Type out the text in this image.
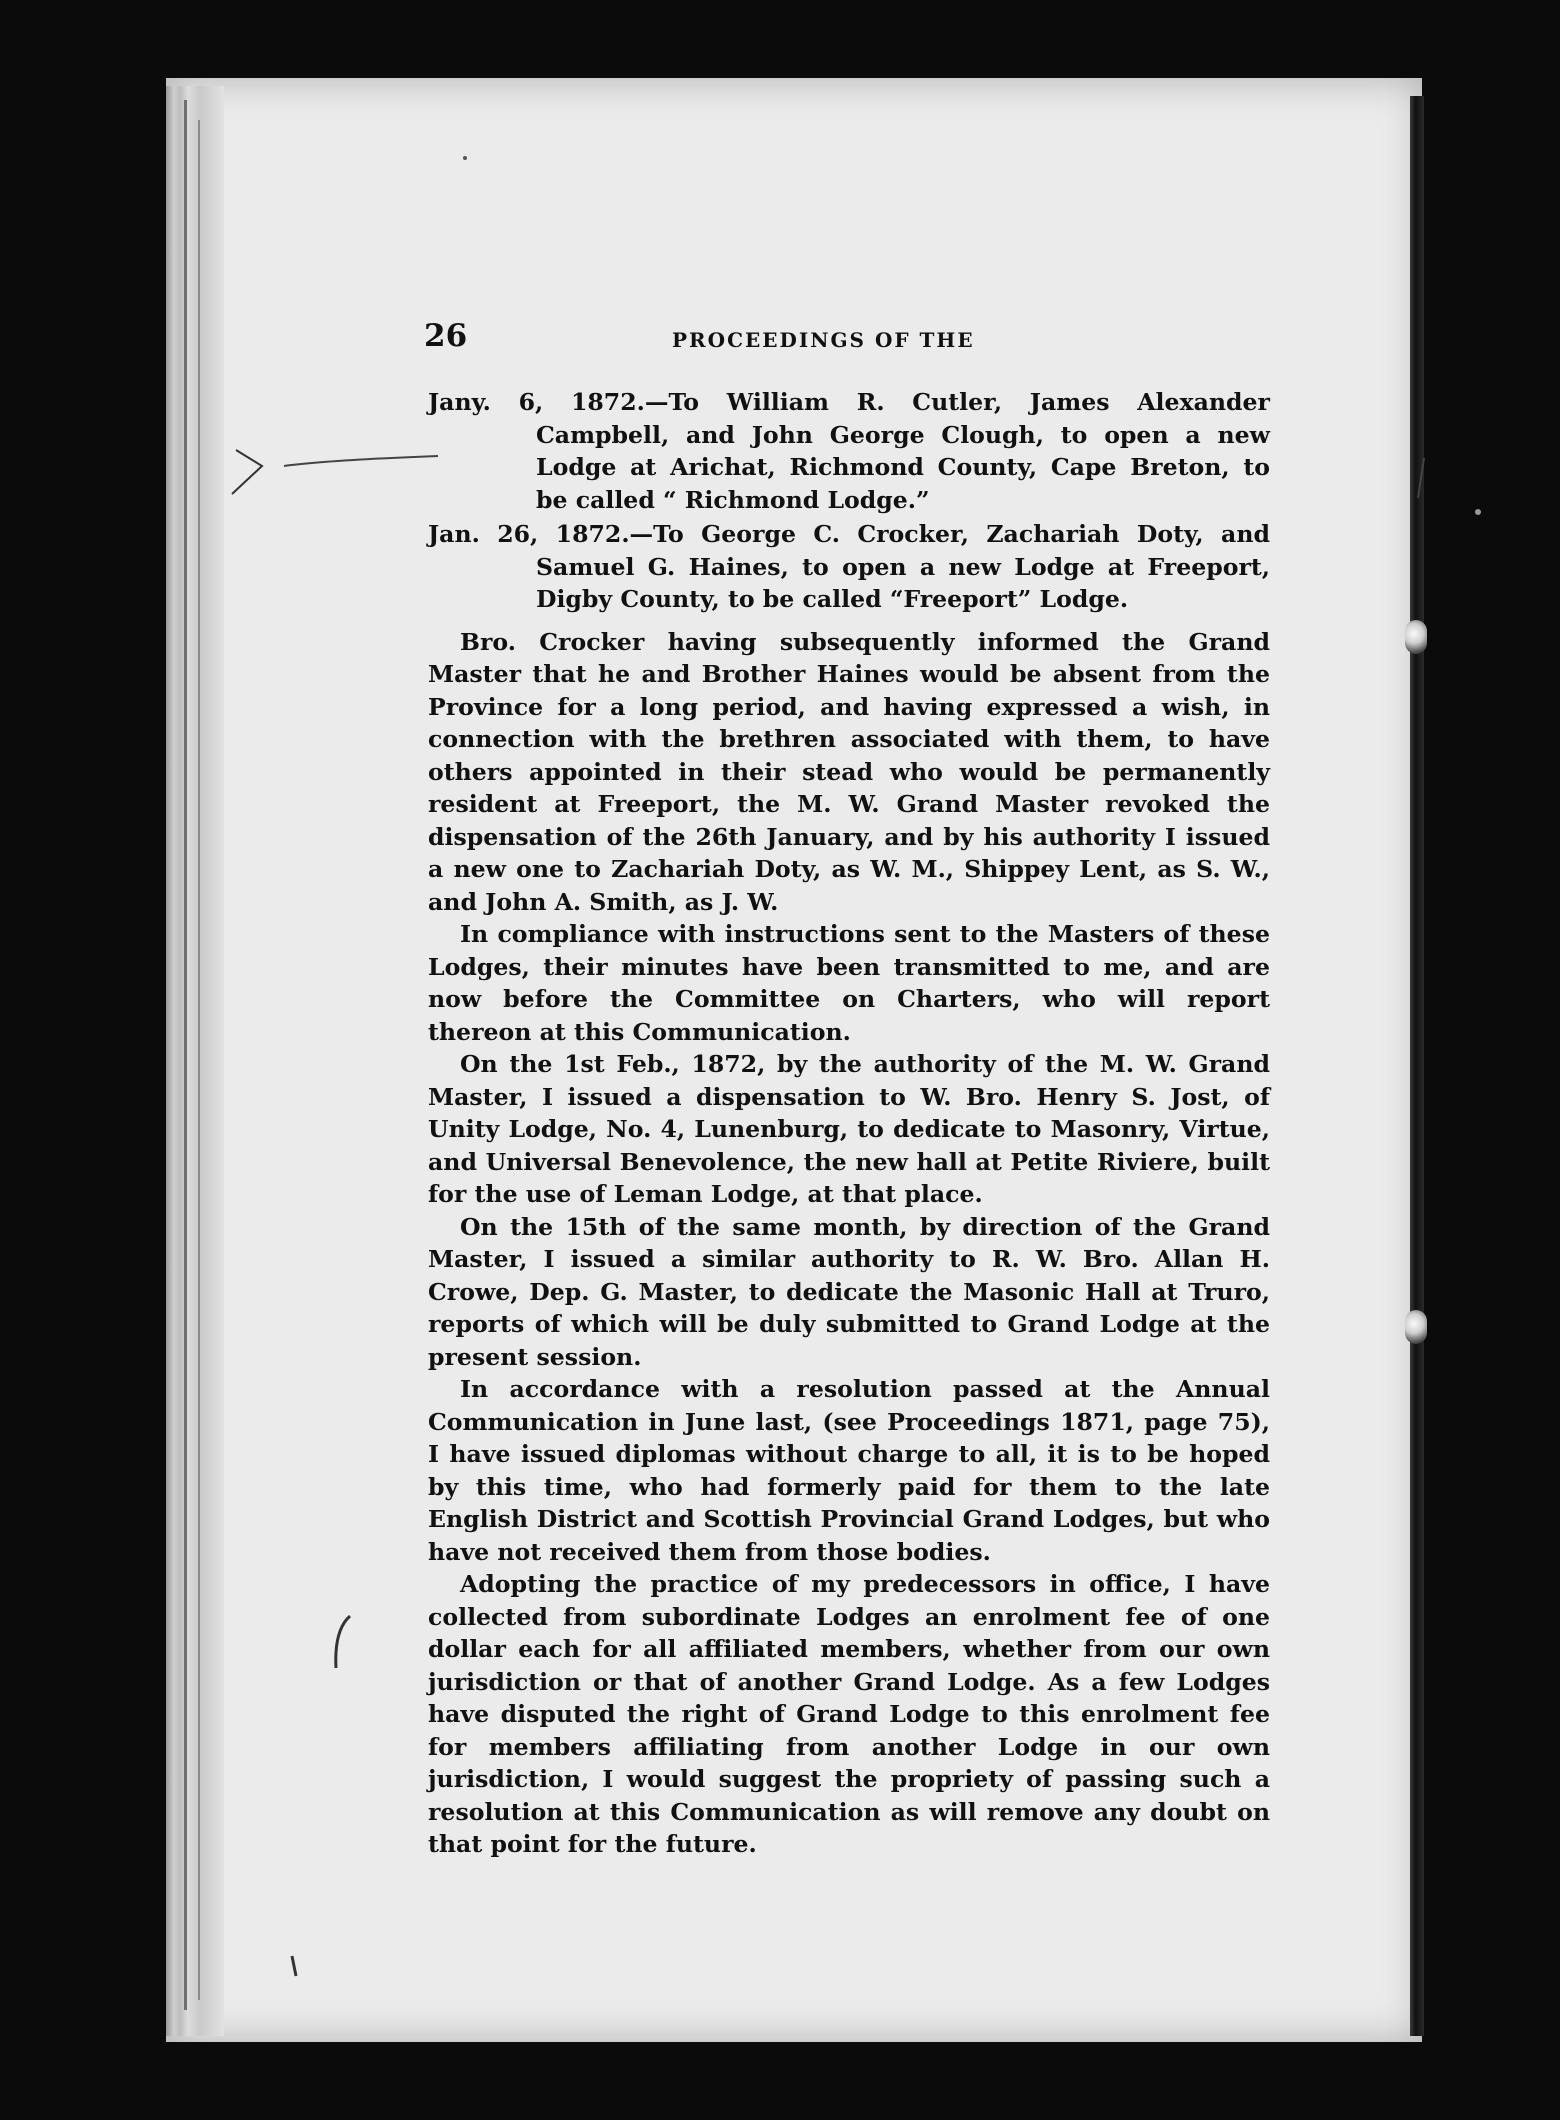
26	PROCEEDINGS OF THE

Jany. 6, 1872.—To William R. Cutler, James Alexander Campbell, and John George Clough, to open a new Lodge at Arichat, Richmond County, Cape Breton, to be called “ Richmond Lodge.”

Jan. 26, 1872.—To George C. Crocker, Zachariah Doty, and Samuel G. Haines, to open a new Lodge at Freeport, Digby County, to be called “Freeport” Lodge.

Bro. Crocker having subsequently informed the Grand Master that he and Brother Haines would be absent from the Province for a long period, and having expressed a wish, in connection with the brethren associated with them, to have others appointed in their stead who would be permanently resident at Freeport, the M. W. Grand Master revoked the dispensation of the 26th January, and by his authority I issued a new one to Zachariah Doty, as W. M., Shippey Lent, as S. W., and John A. Smith, as J. W.

In compliance with instructions sent to the Masters of these Lodges, their minutes have been transmitted to me, and are now before the Committee on Charters, who will report thereon at this Communication.

On the 1st Feb., 1872, by the authority of the M. W. Grand Master, I issued a dispensation to W. Bro. Henry S. Jost, of Unity Lodge, No. 4, Lunenburg, to dedicate to Masonry, Virtue, and Universal Benevolence, the new hall at Petite Riviere, built for the use of Leman Lodge, at that place.

On the 15th of the same month, by direction of the Grand Master, I issued a similar authority to R. W. Bro. Allan H. Crowe, Dep. G. Master, to dedicate the Masonic Hall at Truro, reports of which will be duly submitted to Grand Lodge at the present session.

In accordance with a resolution passed at the Annual Communication in June last, (see Proceedings 1871, page 75), I have issued diplomas without charge to all, it is to be hoped by this time, who had formerly paid for them to the late English District and Scottish Provincial Grand Lodges, but who have not received them from those bodies.

Adopting the practice of my predecessors in office, I have collected from subordinate Lodges an enrolment fee of one dollar each for all affiliated members, whether from our own jurisdiction or that of another Grand Lodge. As a few Lodges have disputed the right of Grand Lodge to this enrolment fee for members affiliating from another Lodge in our own jurisdiction, I would suggest the propriety of passing such a resolution at this Communication as will remove any doubt on that point for the future.
